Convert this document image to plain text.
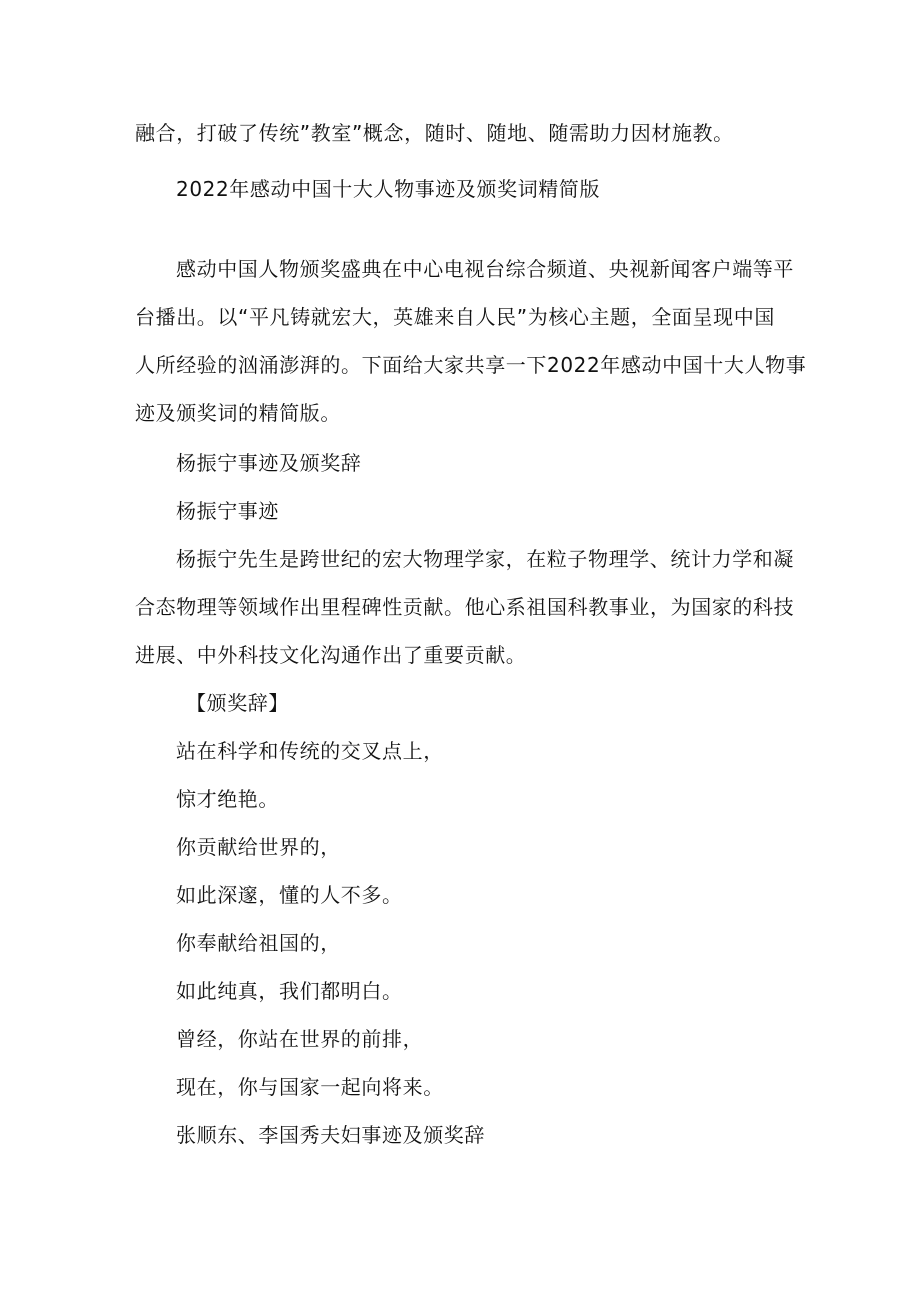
融合，打破了传统”教室”概念，随时、随地、随需助力因材施教。
2022年感动中国十大人物事迹及颁奖词精简版
感动中国人物颁奖盛典在中心电视台综合频道、央视新闻客户端等平
台播出。以“平凡铸就宏大，英雄来自人民”为核心主题，全面呈现中国
人所经验的汹涌澎湃的。下面给大家共享一下2022年感动中国十大人物事
迹及颁奖词的精简版。
杨振宁事迹及颁奖辞
杨振宁事迹
杨振宁先生是跨世纪的宏大物理学家，在粒子物理学、统计力学和凝
合态物理等领域作出里程碑性贡献。他心系祖国科教事业，为国家的科技
进展、中外科技文化沟通作出了重要贡献。
【颁奖辞】
站在科学和传统的交叉点上，
惊才绝艳。
你贡献给世界的，
如此深邃，懂的人不多。
你奉献给祖国的，
如此纯真，我们都明白。
曾经，你站在世界的前排，
现在，你与国家一起向将来。
张顺东、李国秀夫妇事迹及颁奖辞
